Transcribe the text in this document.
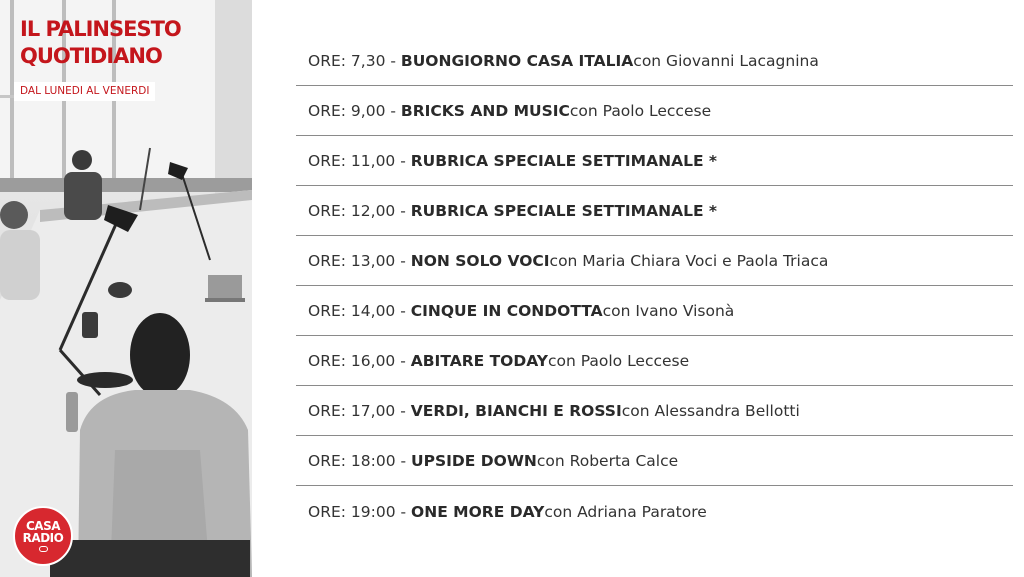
IL PALINSESTO
QUOTIDIANO
DAL LUNEDI AL VENERDI
CASA
RADIO
ORE: 7,30 - BUONGIORNO CASA ITALIA con Giovanni Lacagnina
ORE: 9,00 - BRICKS AND MUSIC con Paolo Leccese
ORE: 11,00 - RUBRICA SPECIALE SETTIMANALE *
ORE: 12,00 - RUBRICA SPECIALE SETTIMANALE *
ORE: 13,00 - NON SOLO VOCI con Maria Chiara Voci e Paola Triaca
ORE: 14,00 - CINQUE IN CONDOTTA con Ivano Visonà
ORE: 16,00 - ABITARE TODAY con Paolo Leccese
ORE: 17,00 - VERDI, BIANCHI E ROSSI con Alessandra Bellotti
ORE: 18:00 - UPSIDE DOWN con Roberta Calce
ORE: 19:00 - ONE MORE DAY con Adriana Paratore
